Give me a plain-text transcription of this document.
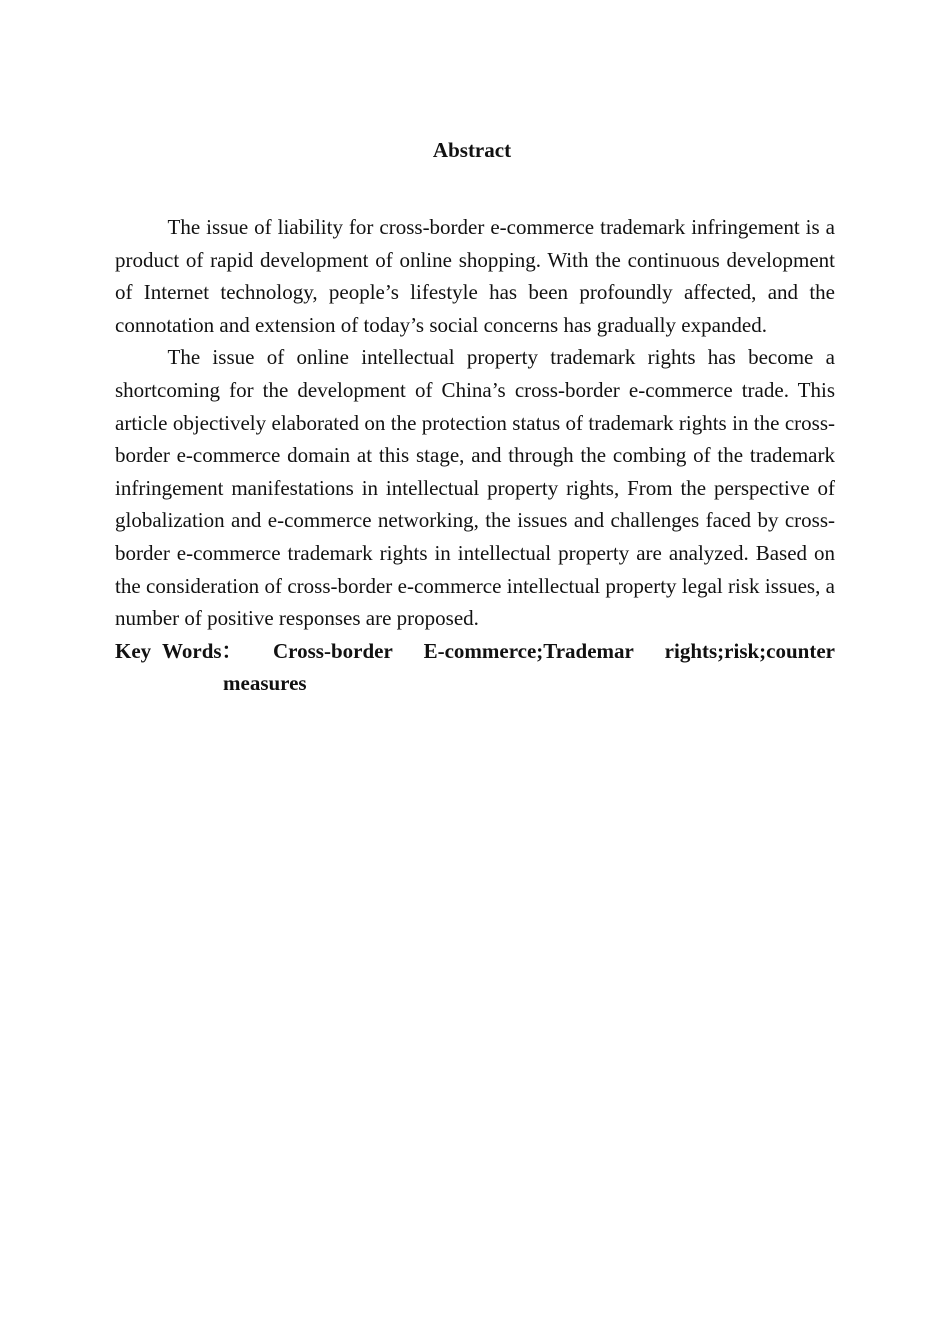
Abstract

The issue of liability for cross-border e-commerce trademark infringement is a product of rapid development of online shopping. With the continuous development of Internet technology, people’s lifestyle has been profoundly affected, and the connotation and extension of today’s social concerns has gradually expanded.

The issue of online intellectual property trademark rights has become a shortcoming for the development of China’s cross-border e-commerce trade. This article objectively elaborated on the protection status of trademark rights in the cross-border e-commerce domain at this stage, and through the combing of the trademark infringement manifestations in intellectual property rights, From the perspective of globalization and e-commerce networking, the issues and challenges faced by cross-border e-commerce trademark rights in intellectual property are analyzed. Based on the consideration of cross-border e-commerce intellectual property legal risk issues, a number of positive responses are proposed.

Key Words： Cross-border E-commerce;Trademar rights;risk;counter measures
